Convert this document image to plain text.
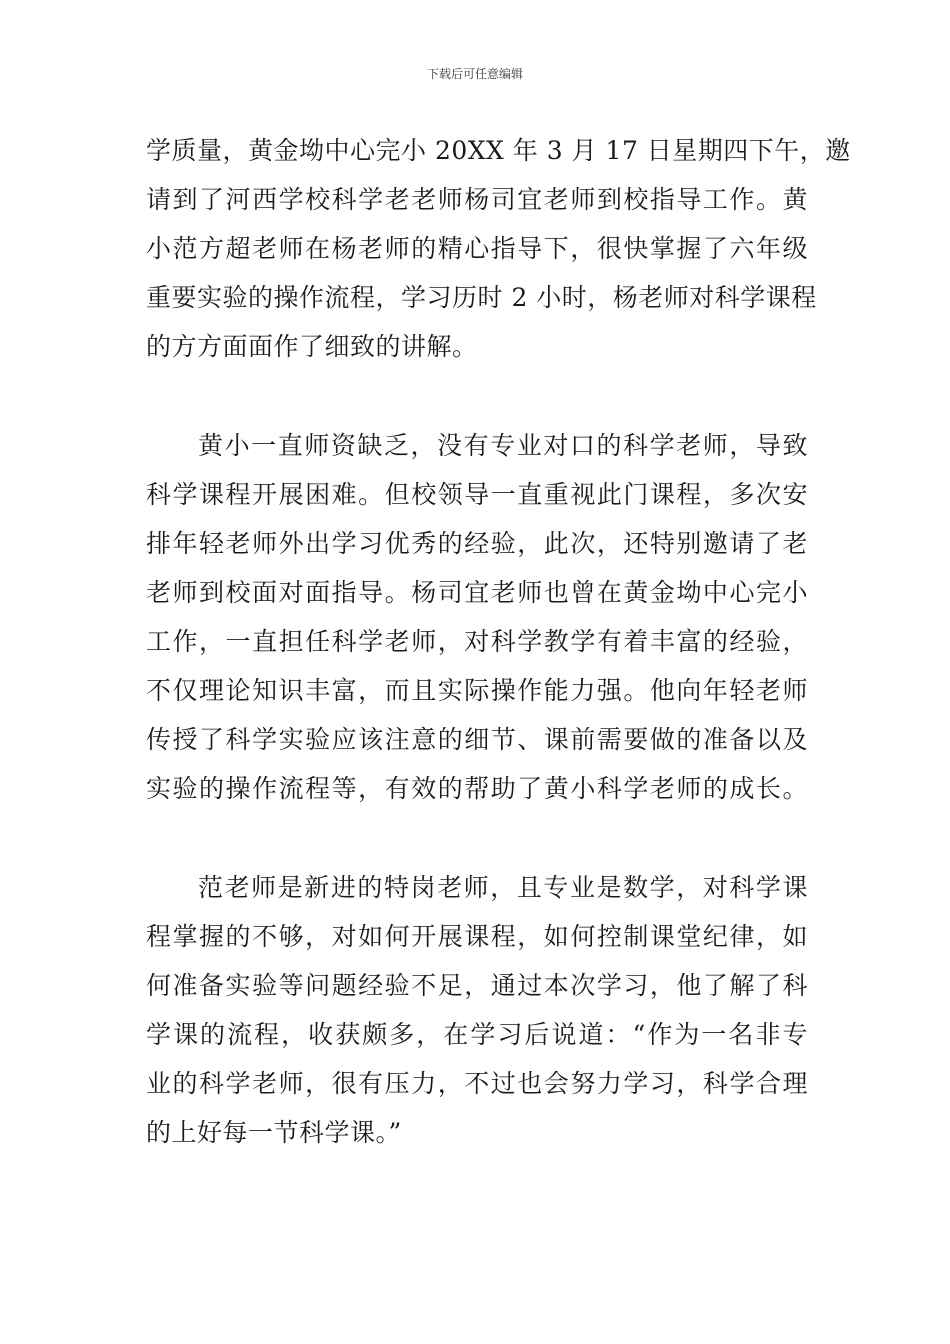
下载后可任意编辑
学质量，黄金坳中心完小 20XX 年 3 月 17 日星期四下午，邀
请到了河西学校科学老老师杨司宜老师到校指导工作。黄
小范方超老师在杨老师的精心指导下，很快掌握了六年级
重要实验的操作流程，学习历时 2 小时，杨老师对科学课程
的方方面面作了细致的讲解。
黄小一直师资缺乏，没有专业对口的科学老师，导致
科学课程开展困难。但校领导一直重视此门课程，多次安
排年轻老师外出学习优秀的经验，此次，还特别邀请了老
老师到校面对面指导。杨司宜老师也曾在黄金坳中心完小
工作，一直担任科学老师，对科学教学有着丰富的经验，
不仅理论知识丰富，而且实际操作能力强。他向年轻老师
传授了科学实验应该注意的细节、课前需要做的准备以及
实验的操作流程等，有效的帮助了黄小科学老师的成长。
范老师是新进的特岗老师，且专业是数学，对科学课
程掌握的不够，对如何开展课程，如何控制课堂纪律，如
何准备实验等问题经验不足，通过本次学习，他了解了科
学课的流程，收获颇多，在学习后说道：“作为一名非专
业的科学老师，很有压力，不过也会努力学习，科学合理
的上好每一节科学课。”
